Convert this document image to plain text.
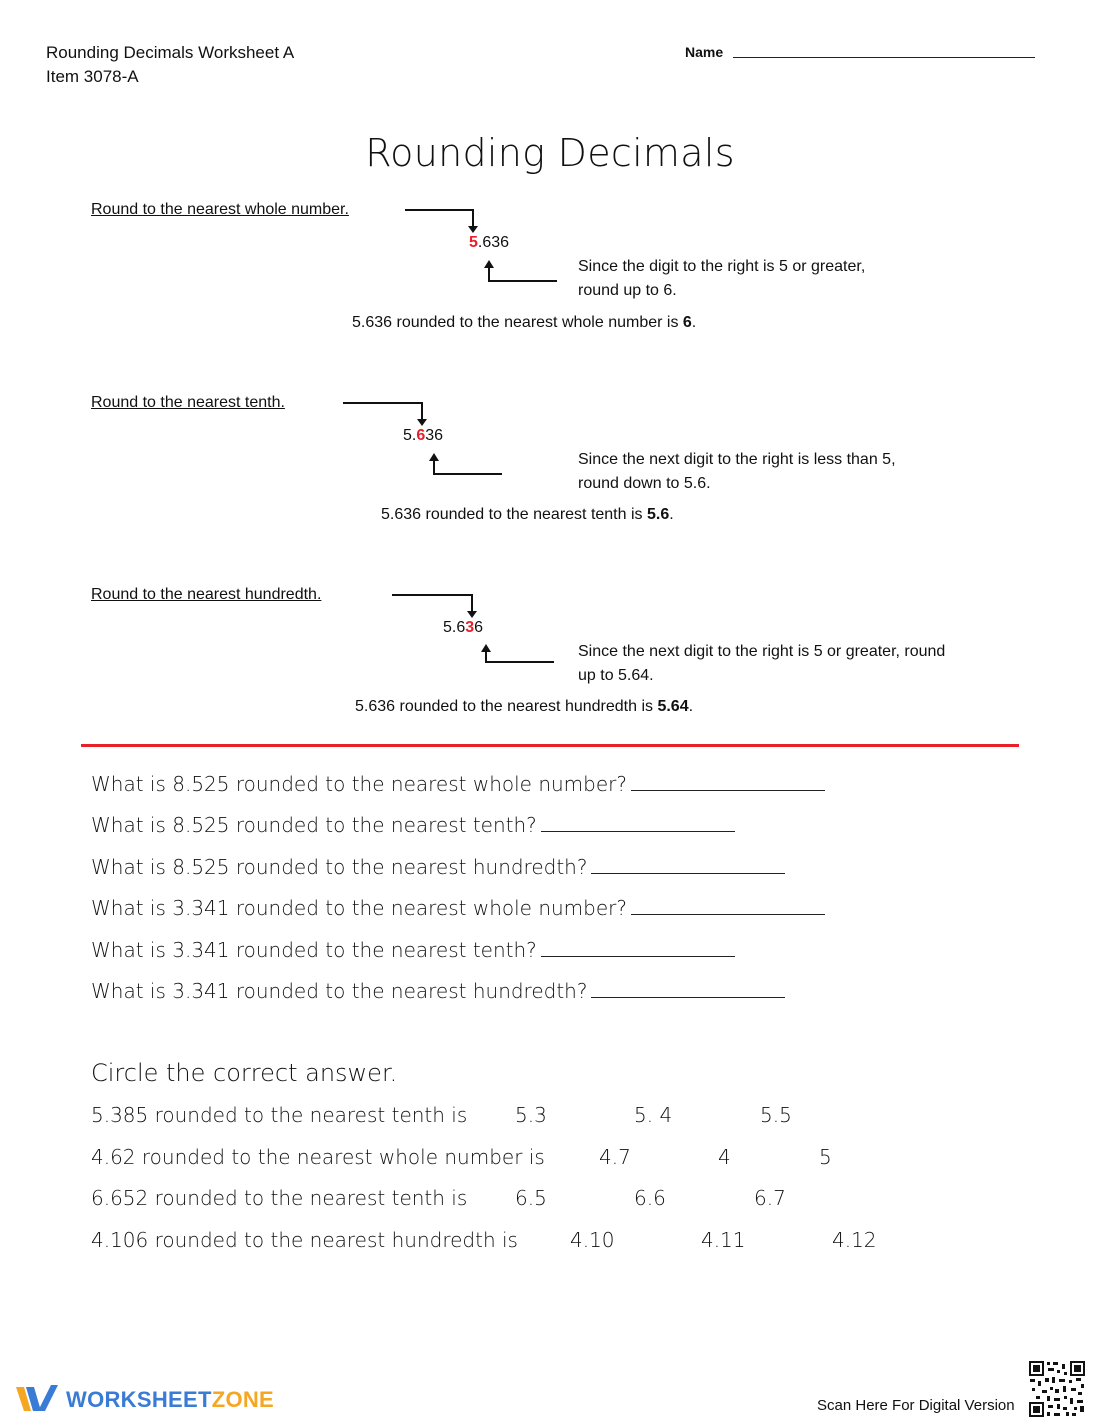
Rounding Decimals Worksheet A
Item 3078-A
Name
Rounding Decimals
Round to the nearest whole number.
5.636
Since the digit to the right is 5 or greater,
round up to 6.
5.636 rounded to the nearest whole number is 6.
Round to the nearest tenth.
5.636
Since the next digit to the right is less than 5,
round down to 5.6.
5.636 rounded to the nearest tenth is 5.6.
Round to the nearest hundredth.
5.636
Since the next digit to the right is 5 or greater, round
up to 5.64.
5.636 rounded to the nearest hundredth is 5.64.
What is 8.525 rounded to the nearest whole number?
What is 8.525 rounded to the nearest tenth?
What is 8.525 rounded to the nearest hundredth?
What is 3.341 rounded to the nearest whole number?
What is 3.341 rounded to the nearest tenth?
What is 3.341 rounded to the nearest hundredth?
Circle the correct answer.
5.385 rounded to the nearest tenth is 5.3	5. 4	5.5
4.62 rounded to the nearest whole number is	4.7	4	5
6.652 rounded to the nearest tenth is 6.5	6.6	6.7
4.106 rounded to the nearest hundredth is	4.10	4.11	4.12
WORKSHEETZONE	Scan Here For Digital Version
